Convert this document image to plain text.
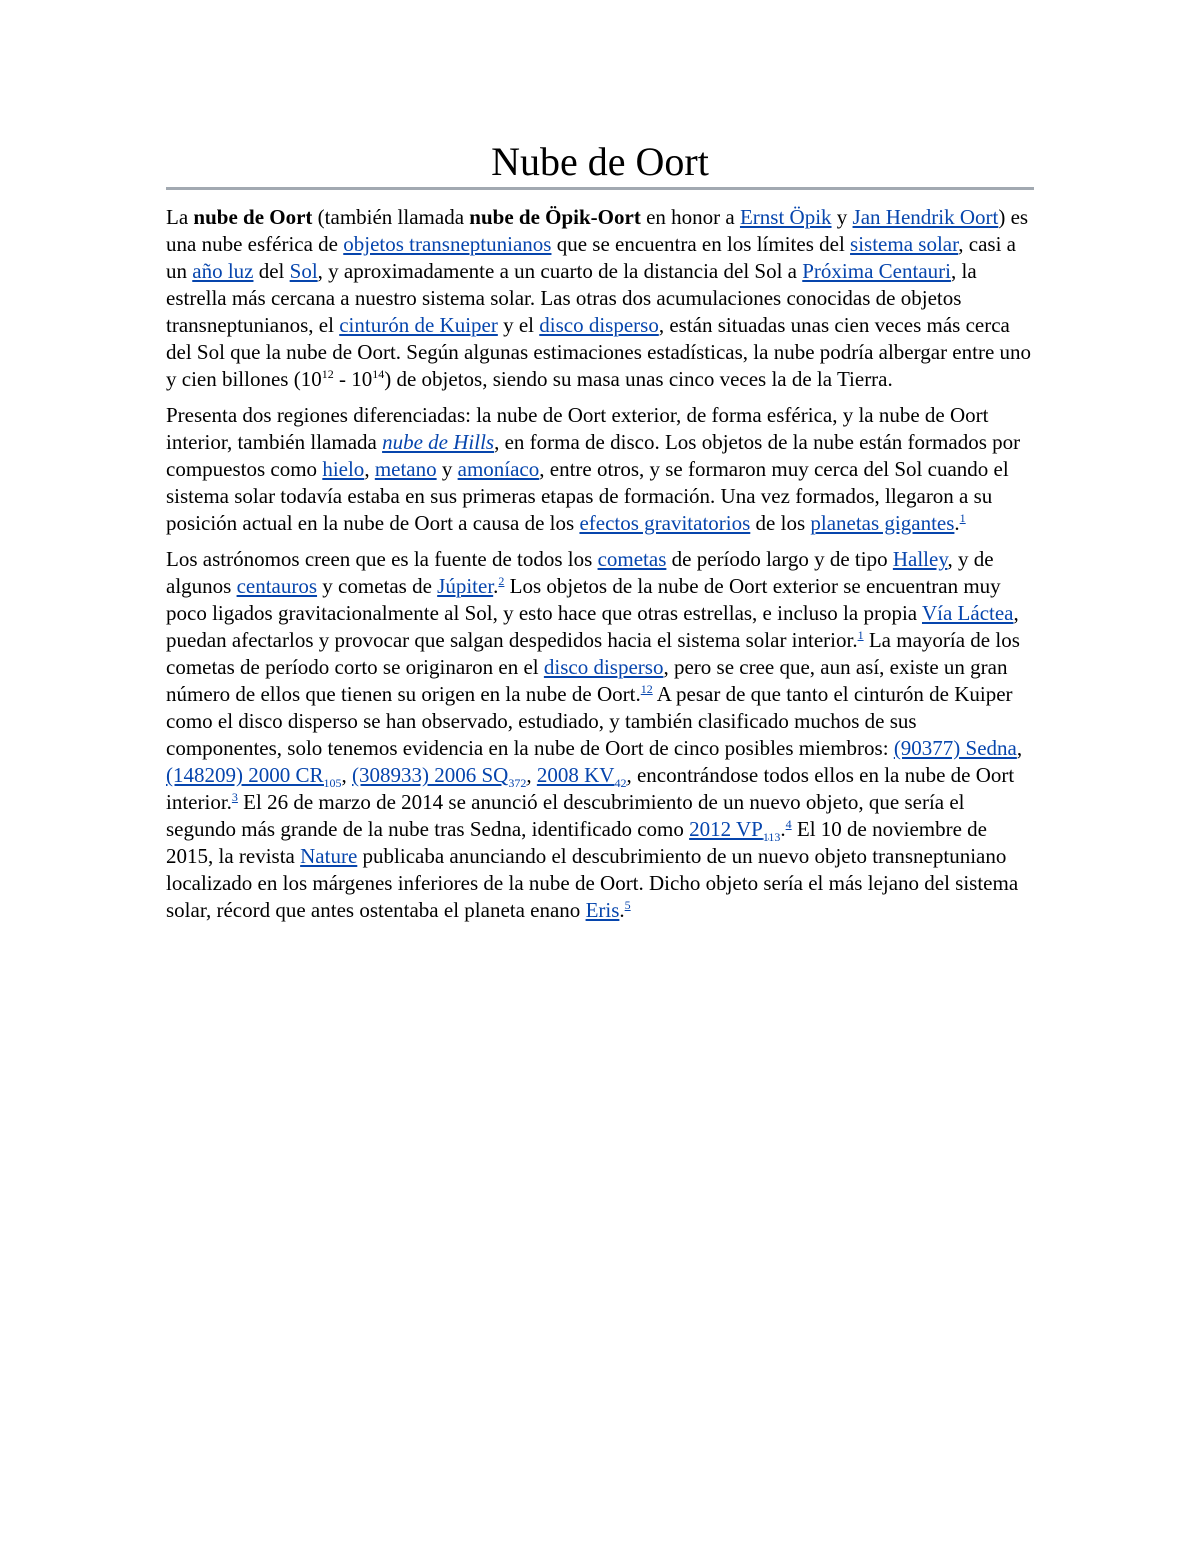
Nube de Oort

La nube de Oort (también llamada nube de Öpik-Oort en honor a Ernst Öpik y Jan Hendrik Oort) es una nube esférica de objetos transneptunianos que se encuentra en los límites del sistema solar, casi a un año luz del Sol, y aproximadamente a un cuarto de la distancia del Sol a Próxima Centauri, la estrella más cercana a nuestro sistema solar. Las otras dos acumulaciones conocidas de objetos transneptunianos, el cinturón de Kuiper y el disco disperso, están situadas unas cien veces más cerca del Sol que la nube de Oort. Según algunas estimaciones estadísticas, la nube podría albergar entre uno y cien billones $(10^{12} - 10^{14})$ de objetos, siendo su masa unas cinco veces la de la Tierra.

Presenta dos regiones diferenciadas: la nube de Oort exterior, de forma esférica, y la nube de Oort interior, también llamada nube de Hills, en forma de disco. Los objetos de la nube están formados por compuestos como hielo, metano y amoníaco, entre otros, y se formaron muy cerca del Sol cuando el sistema solar todavía estaba en sus primeras etapas de formación. Una vez formados, llegaron a su posición actual en la nube de Oort a causa de los efectos gravitatorios de los planetas gigantes.$^1$

Los astrónomos creen que es la fuente de todos los cometas de período largo y de tipo Halley, y de algunos centauros y cometas de Júpiter.$^2$ Los objetos de la nube de Oort exterior se encuentran muy poco ligados gravitacionalmente al Sol, y esto hace que otras estrellas, e incluso la propia Vía Láctea, puedan afectarlos y provocar que salgan despedidos hacia el sistema solar interior.$^1$ La mayoría de los cometas de período corto se originaron en el disco disperso, pero se cree que, aun así, existe un gran número de ellos que tienen su origen en la nube de Oort.$^{12}$ A pesar de que tanto el cinturón de Kuiper como el disco disperso se han observado, estudiado, y también clasificado muchos de sus componentes, solo tenemos evidencia en la nube de Oort de cinco posibles miembros: (90377) Sedna, (148209) 2000 $CR_{105}$, (308933) 2006 $SQ_{372}$, 2008 $KV_{42}$, encontrándose todos ellos en la nube de Oort interior.$^3$ El 26 de marzo de 2014 se anunció el descubrimiento de un nuevo objeto, que sería el segundo más grande de la nube tras Sedna, identificado como 2012 $VP_{113}.^4$ El 10 de noviembre de 2015, la revista Nature publicaba anunciando el descubrimiento de un nuevo objeto transneptuniano localizado en los márgenes inferiores de la nube de Oort. Dicho objeto sería el más lejano del sistema solar, récord que antes ostentaba el planeta enano Eris.$^5$
